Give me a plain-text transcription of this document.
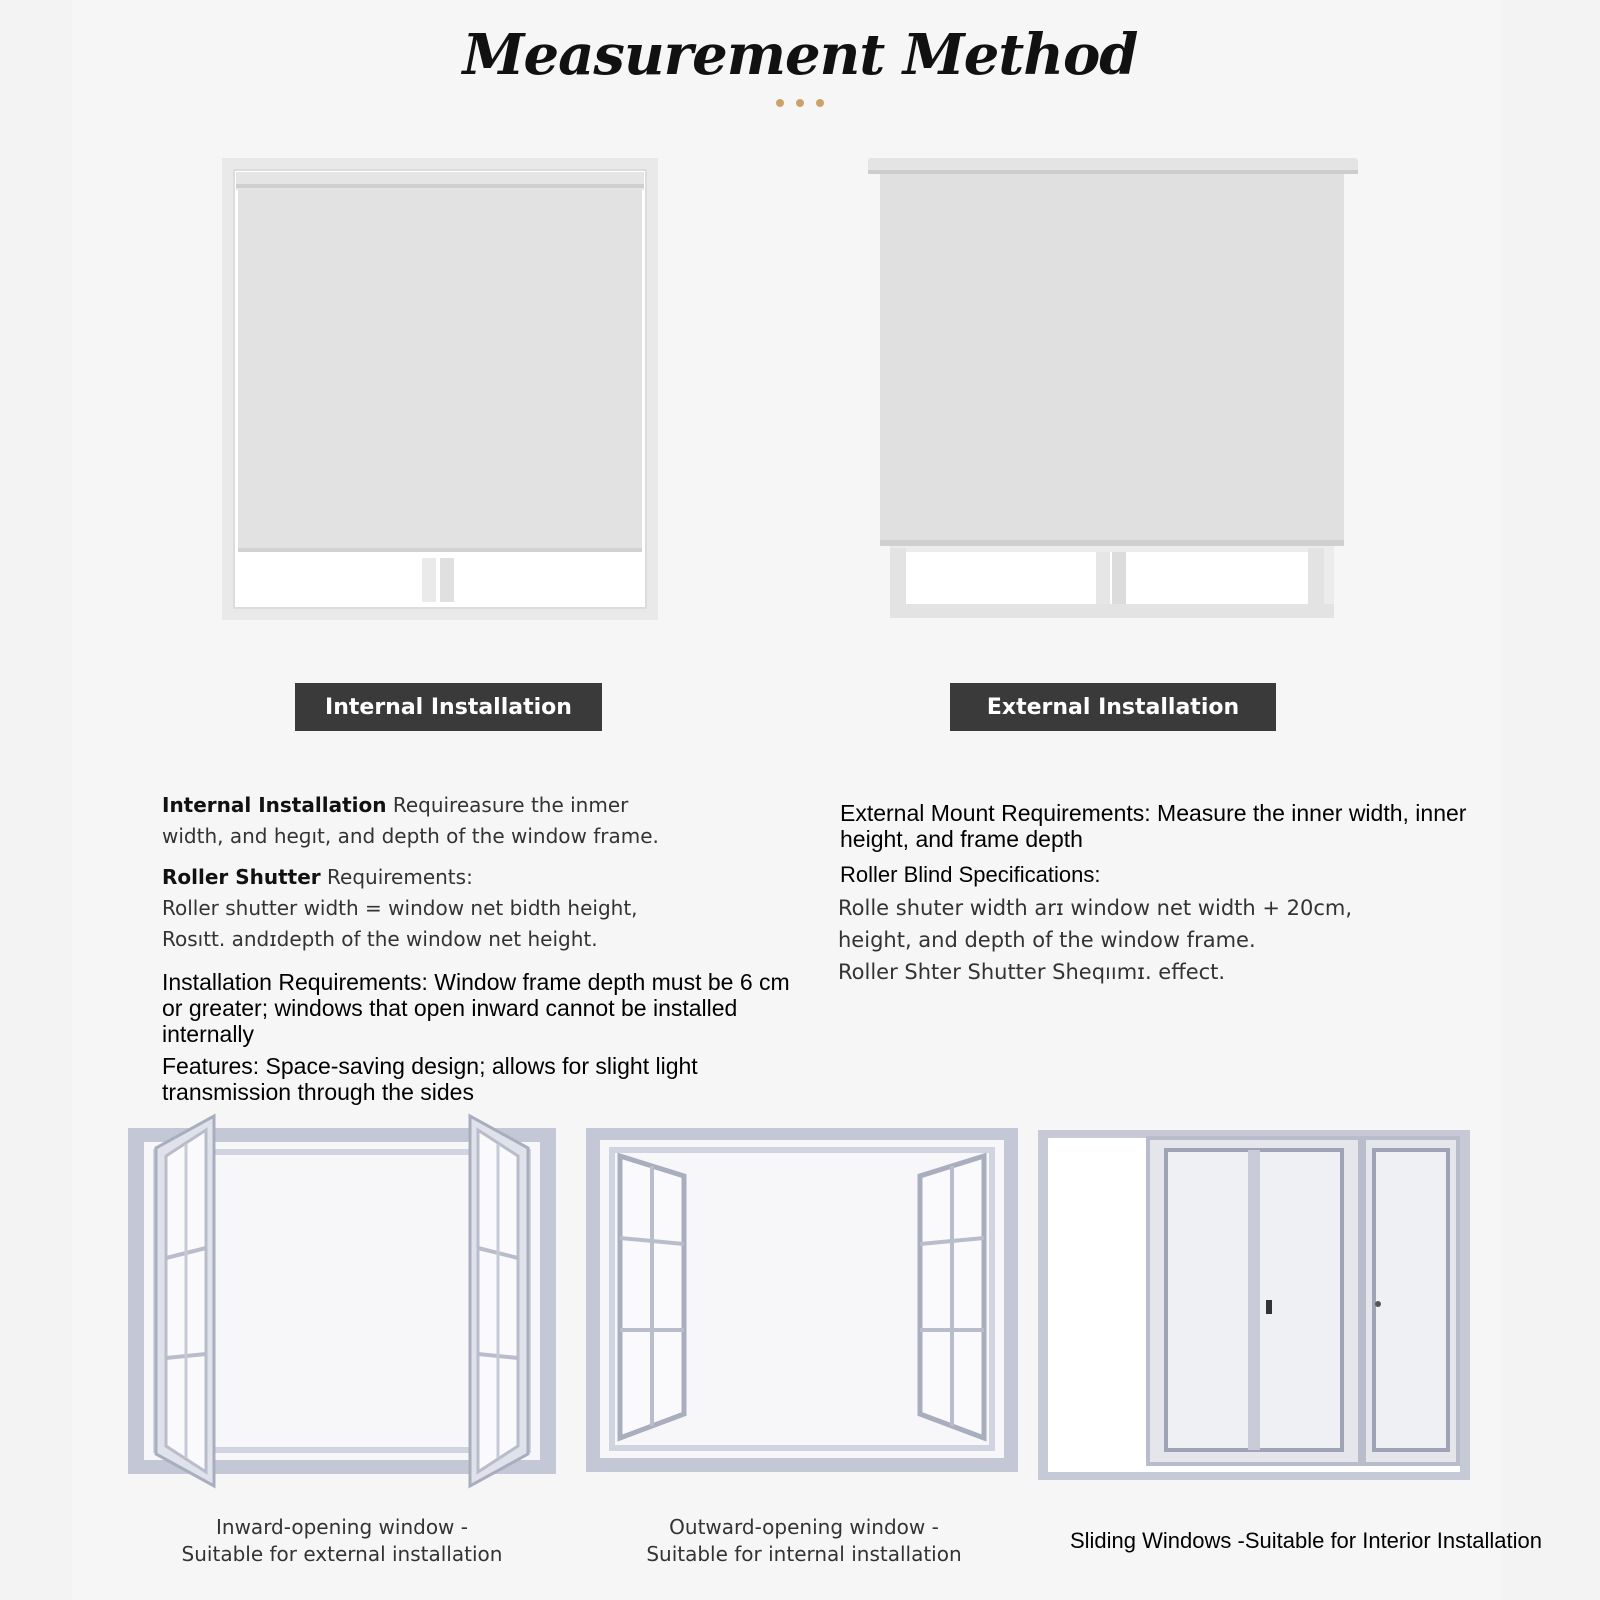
Measurement Method
Internal Installation	External Installation

Internal Installation Requireasure the inmer
width, and heɡıt, and depth of the window frame.

Roller Shutter Requirements:
Roller shutter width = window net bidth height,
Rosıtt. andɪdepth of the window net height.

Installation Requirements: Window frame depth must be 6 cm or greater; windows that open inward cannot be installed internally

Features: Space-saving design; allows for slight light transmission through the sides

External Mount Requirements: Measure the inner width, inner height, and frame depth

Roller Blind Specifications:

Rolle shuter width arɪ window net width + 20cm,

height, and depth of the window frame.

Roller Shter Shutter Sheqıımɪ. effect.

Inward-opening window -
Suitable for external installation
Outward-opening window -
Suitable for internal installation
Sliding Windows -Suitable for Interior Installation
